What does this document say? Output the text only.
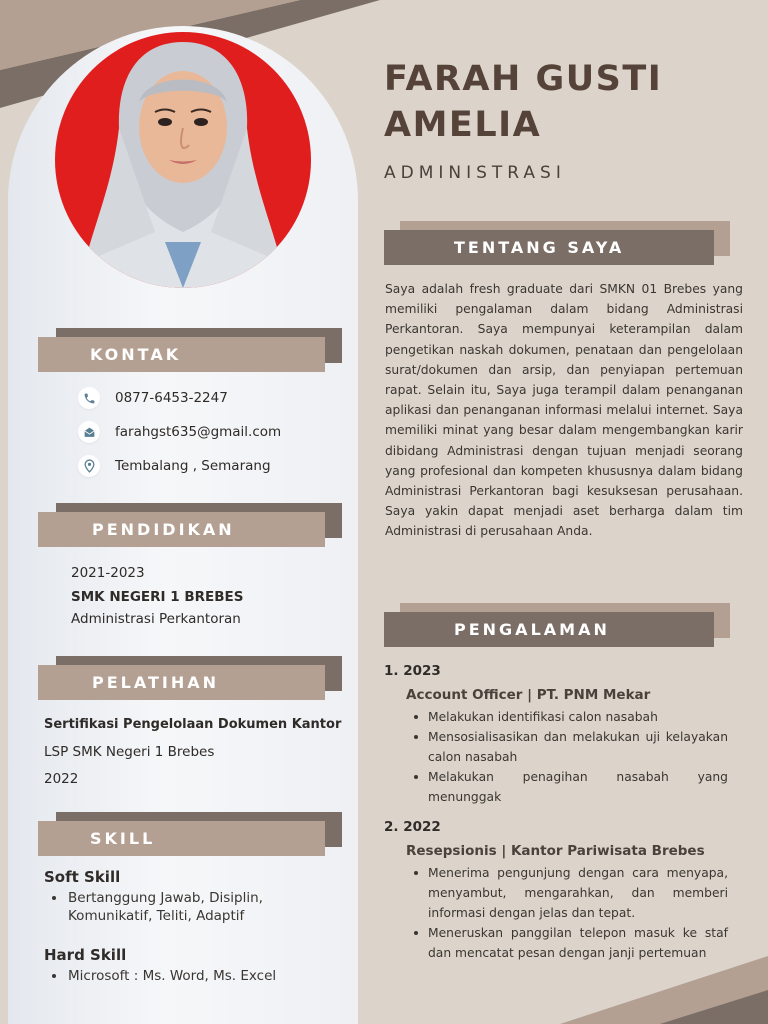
KONTAK
0877-6453-2247
farahgst635@gmail.com
Tembalang , Semarang
PENDIDIKAN
2021-2023
SMK NEGERI 1 BREBES
Administrasi Perkantoran
PELATIHAN
Sertifikasi Pengelolaan Dokumen Kantor
LSP SMK Negeri 1 Brebes
2022
SKILL
Soft Skill
Bertanggung Jawab, Disiplin, Komunikatif, Teliti, Adaptif
Hard Skill
Microsoft : Ms. Word, Ms. Excel
FARAH GUSTI
AMELIA
ADMINISTRASI
TENTANG SAYA

Saya adalah fresh graduate dari SMKN 01 Brebes yang memiliki pengalaman dalam bidang Administrasi Perkantoran. Saya mempunyai keterampilan dalam pengetikan naskah dokumen, penataan dan pengelolaan surat/dokumen dan arsip, dan penyiapan pertemuan rapat. Selain itu, Saya juga terampil dalam penanganan aplikasi dan penanganan informasi melalui internet. Saya memiliki minat yang besar dalam mengembangkan karir dibidang Administrasi dengan tujuan menjadi seorang yang profesional dan kompeten khususnya dalam bidang Administrasi Perkantoran bagi kesuksesan perusahaan. Saya yakin dapat menjadi aset berharga dalam tim Administrasi di perusahaan Anda.

PENGALAMAN
1. 2023
Account Officer | PT. PNM Mekar
Melakukan identifikasi calon nasabah
Mensosialisasikan dan melakukan uji kelayakan calon nasabah
Melakukan penagihan nasabah yang menunggak
2. 2022
Resepsionis | Kantor Pariwisata Brebes
Menerima pengunjung dengan cara menyapa, menyambut, mengarahkan, dan memberi informasi dengan jelas dan tepat.
Meneruskan panggilan telepon masuk ke staf dan mencatat pesan dengan janji pertemuan
